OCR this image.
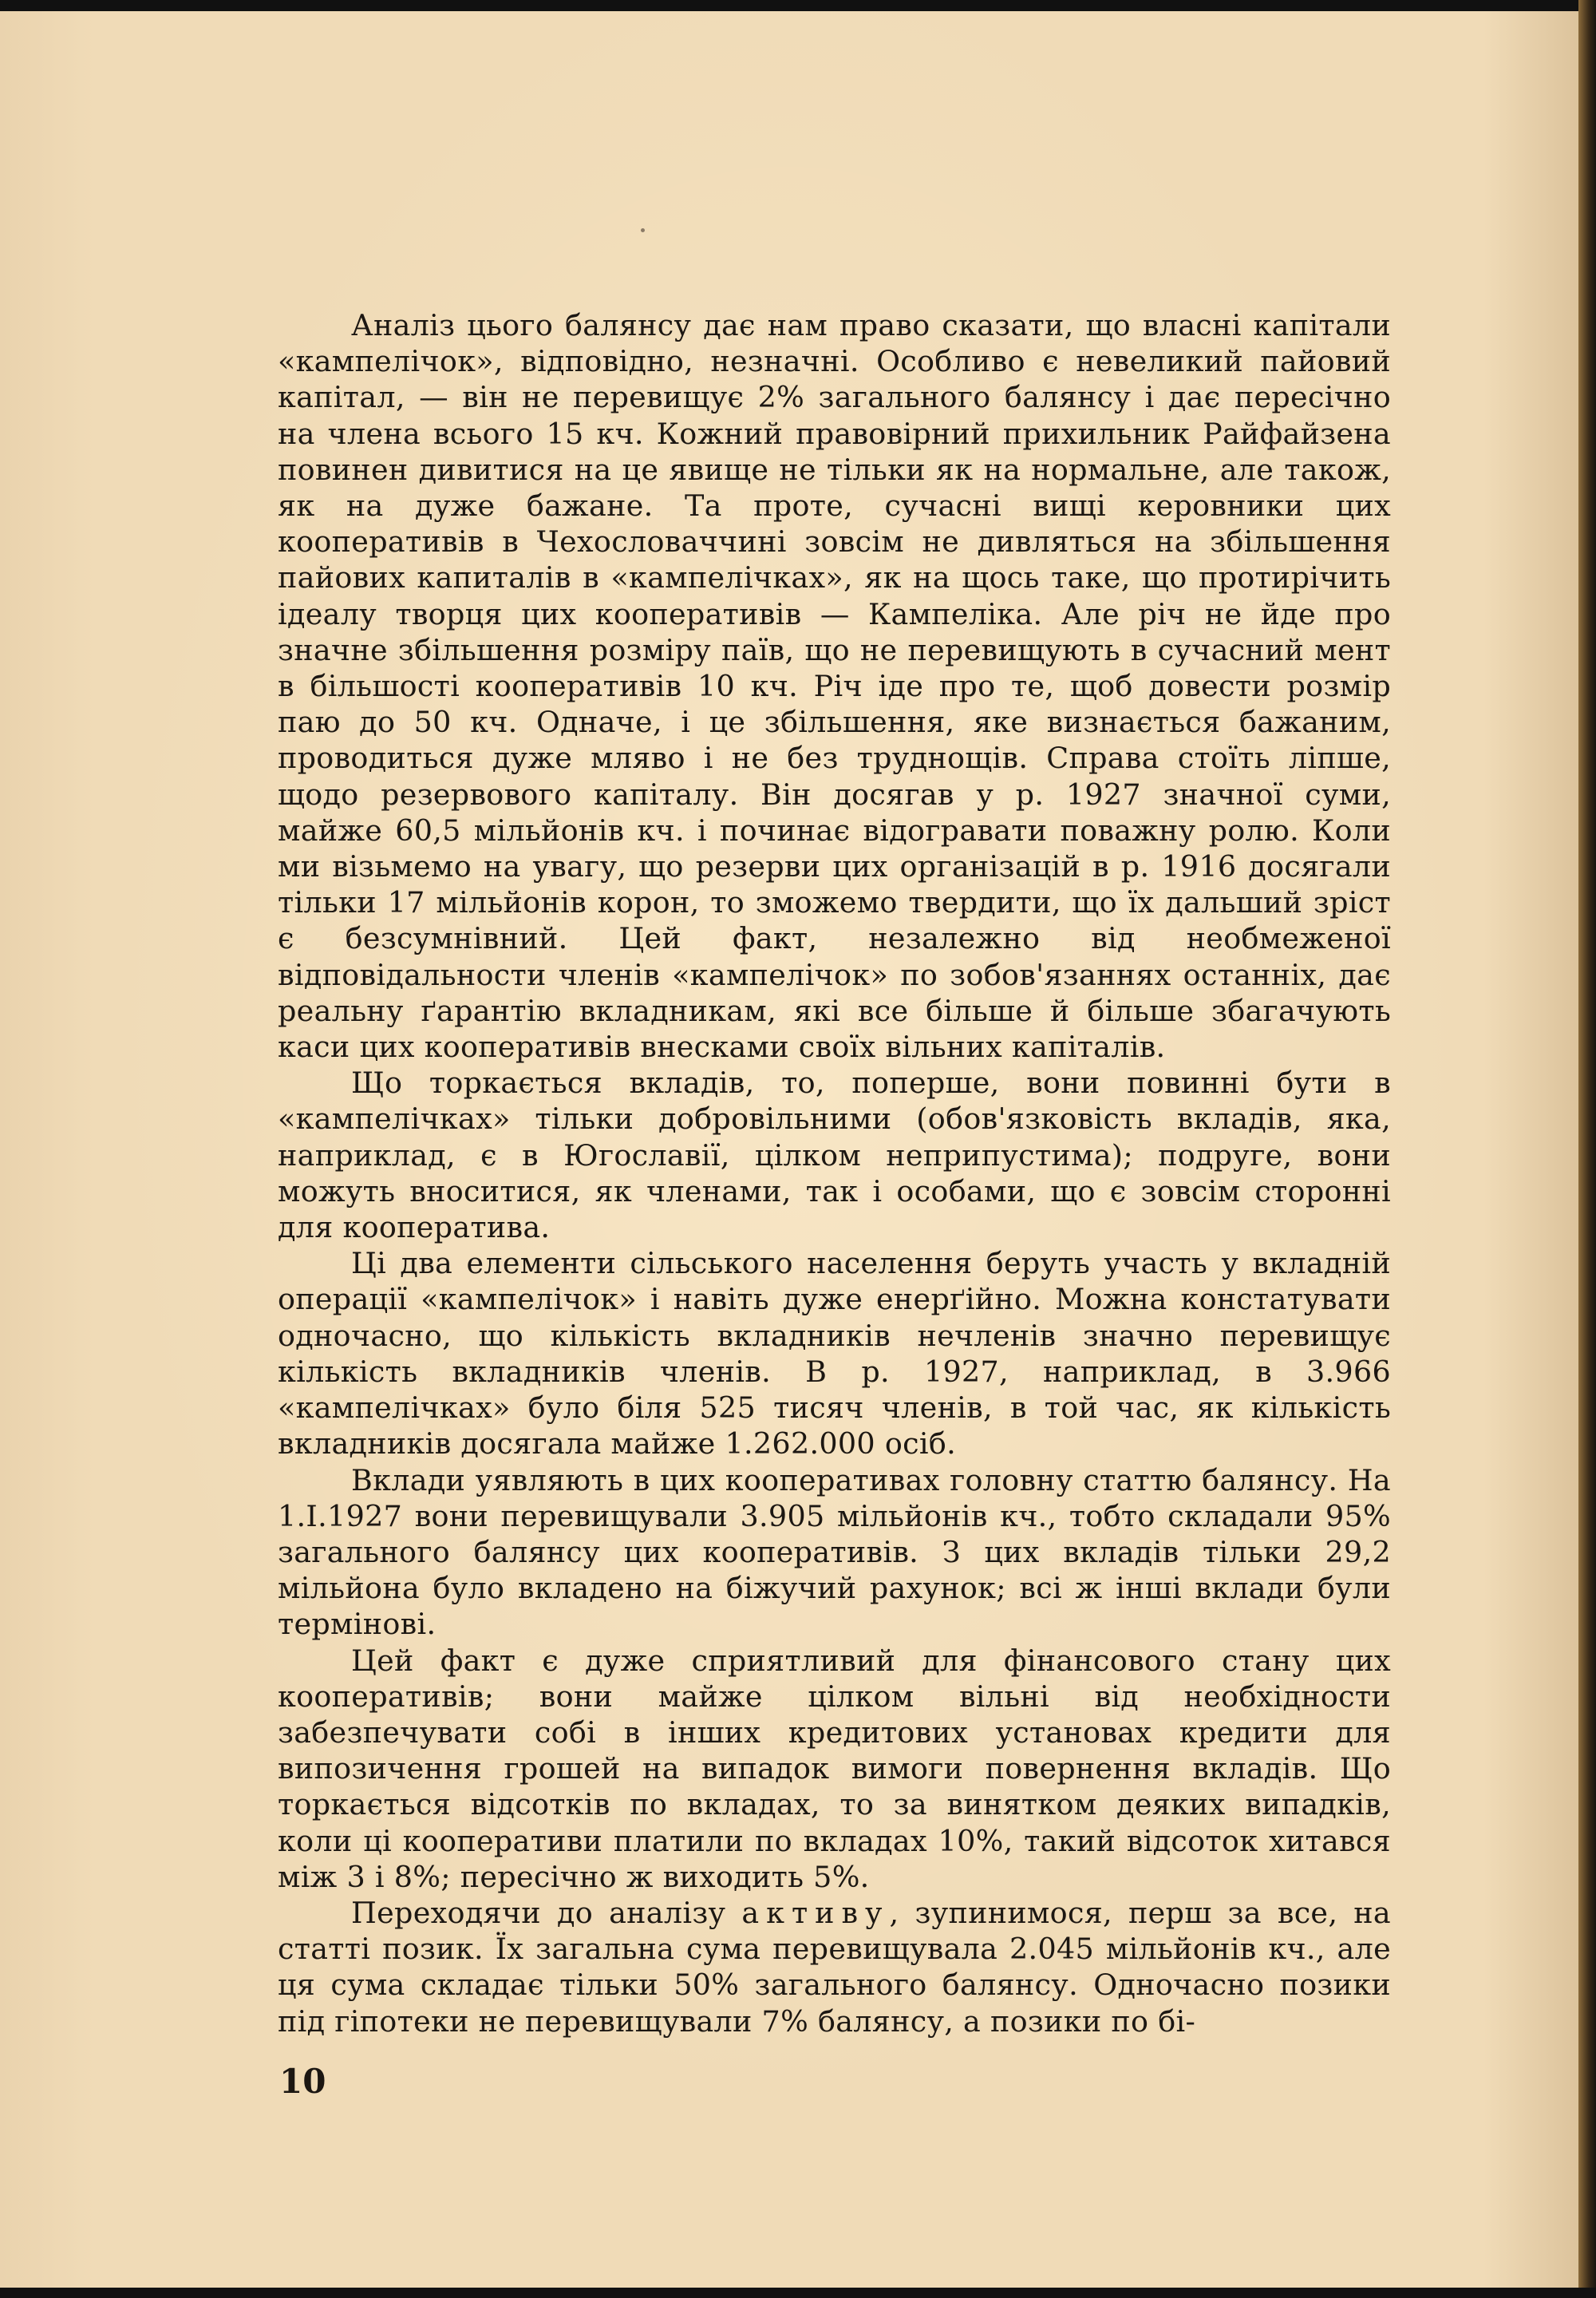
Аналіз цього балянсу дає нам право сказати, що власні капітали «кампелічок», відповідно, незначні. Особливо є невеликий пайовий капітал, — він не перевищує 2% загального балянсу і дає пересічно на члена всього 15 кч. Кожний правовірний прихильник Райфайзена повинен дивитися на це явище не тільки як на нормальне, але також, як на дуже бажане. Та проте, сучасні вищі керовники цих кооперативів в Чехословаччині зовсім не дивляться на збільшення пайових капиталів в «кампелічках», як на щось таке, що протирічить ідеалу творця цих кооперативів — Кампеліка. Але річ не йде про значне збільшення розміру паїв, що не перевищують в сучасний мент в більшості кооперативів 10 кч. Річ іде про те, щоб довести розмір паю до 50 кч. Одначе, і це збільшення, яке визнається бажаним, проводиться дуже мляво і не без труднощів. Справа стоїть ліпше, щодо резервового капіталу. Він досягав у р. 1927 значної суми, майже 60,5 мільйонів кч. і починає відогравати поважну ролю. Коли ми візьмемо на увагу, що резерви цих організацій в р. 1916 досягали тільки 17 мільйонів корон, то зможемо твердити, що їх дальший зріст є безсумнівний. Цей факт, незалежно від необмеженої відповідальности членів «кампелічок» по зобов'язаннях останніх, дає реальну ґарантію вкладникам, які все більше й більше збагачують каси цих кооперативів внесками своїх вільних капіталів.

Що торкається вкладів, то, поперше, вони повинні бути в «кампелічках» тільки добровільними (обов'язковість вкладів, яка, наприклад, є в Югославії, цілком неприпустима); подруге, вони можуть вноситися, як членами, так і особами, що є зовсім сторонні для кооператива.

Ці два елементи сільського населення беруть участь у вкладній операції «кампелічок» і навіть дуже енерґійно. Можна констатувати одночасно, що кількість вкладників нечленів значно перевищує кількість вкладників членів. В р. 1927, наприклад, в 3.966 «кампелічках» було біля 525 тисяч членів, в той час, як кількість вкладників досягала майже 1.262.000 осіб.

Вклади уявляють в цих кооперативах головну статтю балянсу. На 1.І.1927 вони перевищували 3.905 мільйонів кч., тобто складали 95% загального балянсу цих кооперативів. З цих вкладів тільки 29,2 мільйона було вкладено на біжучий рахунок; всі ж інші вклади були термінові.

Цей факт є дуже сприятливий для фінансового стану цих кооперативів; вони майже цілком вільні від необхідности забезпечувати собі в інших кредитових установах кредити для випозичення грошей на випадок вимоги повернення вкладів. Що торкається відсотків по вкладах, то за винятком деяких випадків, коли ці кооперативи платили по вкладах 10%, такий відсоток хитався між 3 і 8%; пересічно ж виходить 5%.

Переходячи до аналізу активу, зупинимося, перш за все, на статті позик. Їх загальна сума перевищувала 2.045 мільйонів кч., але ця сума складає тільки 50% загального балянсу. Одночасно позики під гіпотеки не перевищували 7% балянсу, а позики по бі-

10
